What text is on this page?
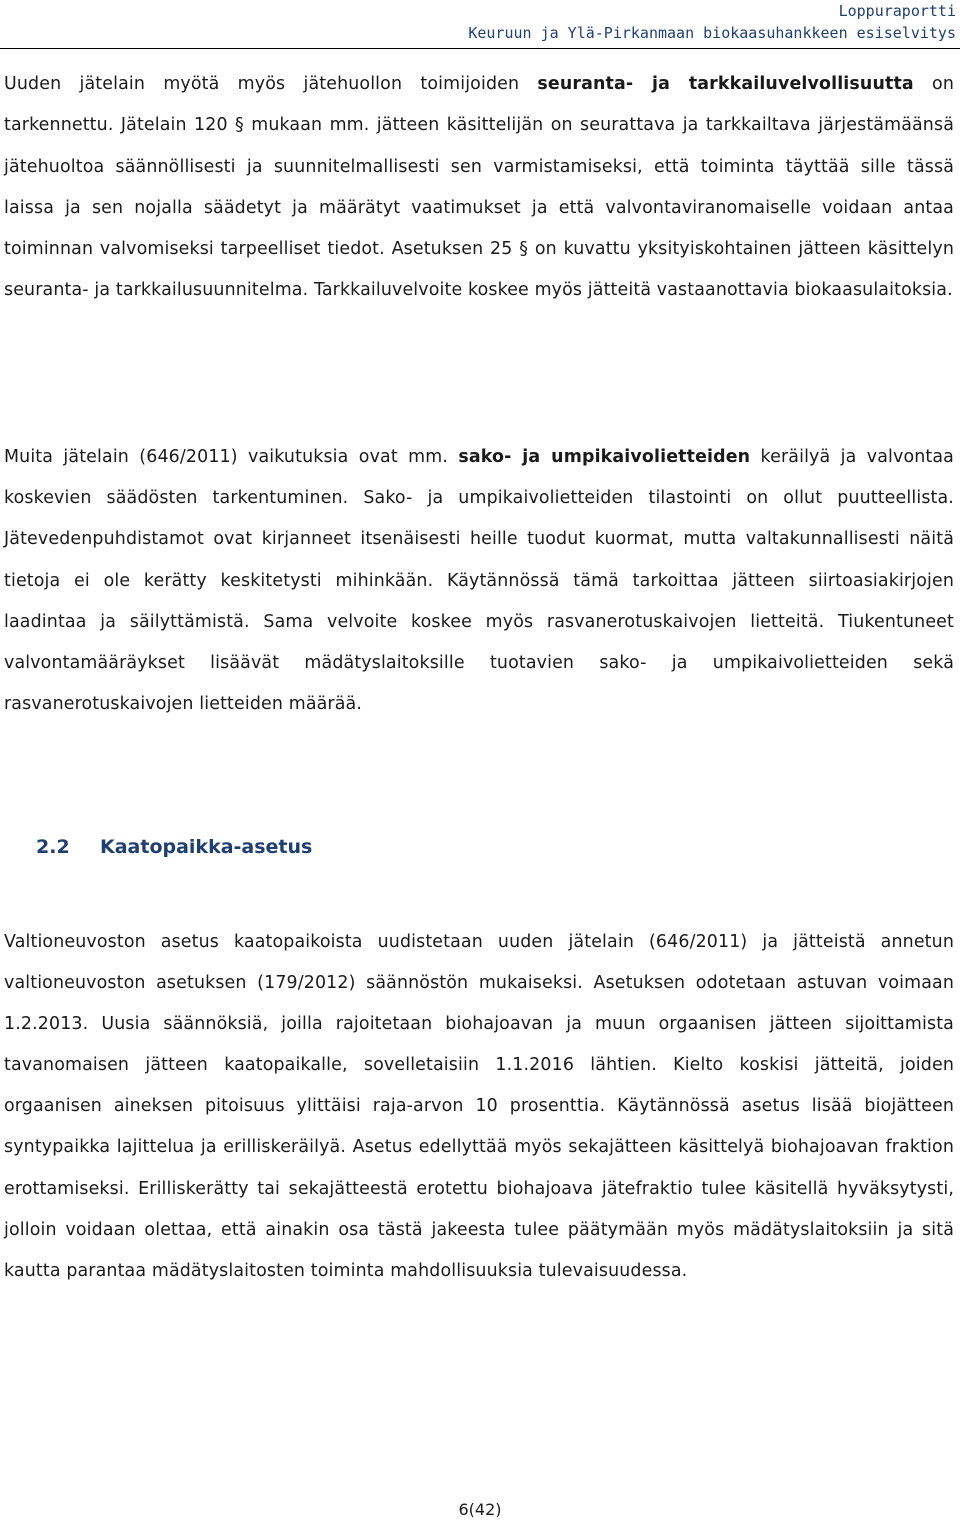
Loppuraportti
Keuruun ja Ylä-Pirkanmaan biokaasuhankkeen esiselvitys

Uuden jätelain myötä myös jätehuollon toimijoiden seuranta- ja tarkkailuvelvollisuutta on tarkennettu. Jätelain 120 § mukaan mm. jätteen käsittelijän on seurattava ja tarkkailtava järjestämäänsä jätehuoltoa säännöllisesti ja suunnitelmallisesti sen varmistamiseksi, että toiminta täyttää sille tässä laissa ja sen nojalla säädetyt ja määrätyt vaatimukset ja että valvontaviranomaiselle voidaan antaa toiminnan valvomiseksi tarpeelliset tiedot. Asetuksen 25 § on kuvattu yksityiskohtainen jätteen käsittelyn seuranta- ja tarkkailusuunnitelma. Tarkkailuvelvoite koskee myös jätteitä vastaanottavia biokaasulaitoksia.

Muita jätelain (646/2011) vaikutuksia ovat mm. sako- ja umpikaivolietteiden keräilyä ja valvontaa koskevien säädösten tarkentuminen. Sako- ja umpikaivolietteiden tilastointi on ollut puutteellista. Jätevedenpuhdistamot ovat kirjanneet itsenäisesti heille tuodut kuormat, mutta valtakunnallisesti näitä tietoja ei ole kerätty keskitetysti mihinkään. Käytännössä tämä tarkoittaa jätteen siirtoasiakirjojen laadintaa ja säilyttämistä. Sama velvoite koskee myös rasvanerotuskaivojen lietteitä. Tiukentuneet valvontamääräykset lisäävät mädätyslaitoksille tuotavien sako- ja umpikaivolietteiden sekä rasvanerotuskaivojen lietteiden määrää.

2.2 Kaatopaikka-asetus

Valtioneuvoston asetus kaatopaikoista uudistetaan uuden jätelain (646/2011) ja jätteistä annetun valtioneuvoston asetuksen (179/2012) säännöstön mukaiseksi. Asetuksen odotetaan astuvan voimaan 1.2.2013. Uusia säännöksiä, joilla rajoitetaan biohajoavan ja muun orgaanisen jätteen sijoittamista tavanomaisen jätteen kaatopaikalle, sovelletaisiin 1.1.2016 lähtien. Kielto koskisi jätteitä, joiden orgaanisen aineksen pitoisuus ylittäisi raja-arvon 10 prosenttia. Käytännössä asetus lisää biojätteen syntypaikka lajittelua ja erilliskeräilyä. Asetus edellyttää myös sekajätteen käsittelyä biohajoavan fraktion erottamiseksi. Erilliskerätty tai sekajätteestä erotettu biohajoava jätefraktio tulee käsitellä hyväksytysti, jolloin voidaan olettaa, että ainakin osa tästä jakeesta tulee päätymään myös mädätyslaitoksiin ja sitä kautta parantaa mädätyslaitosten toiminta mahdollisuuksia tulevaisuudessa.

6(42)
